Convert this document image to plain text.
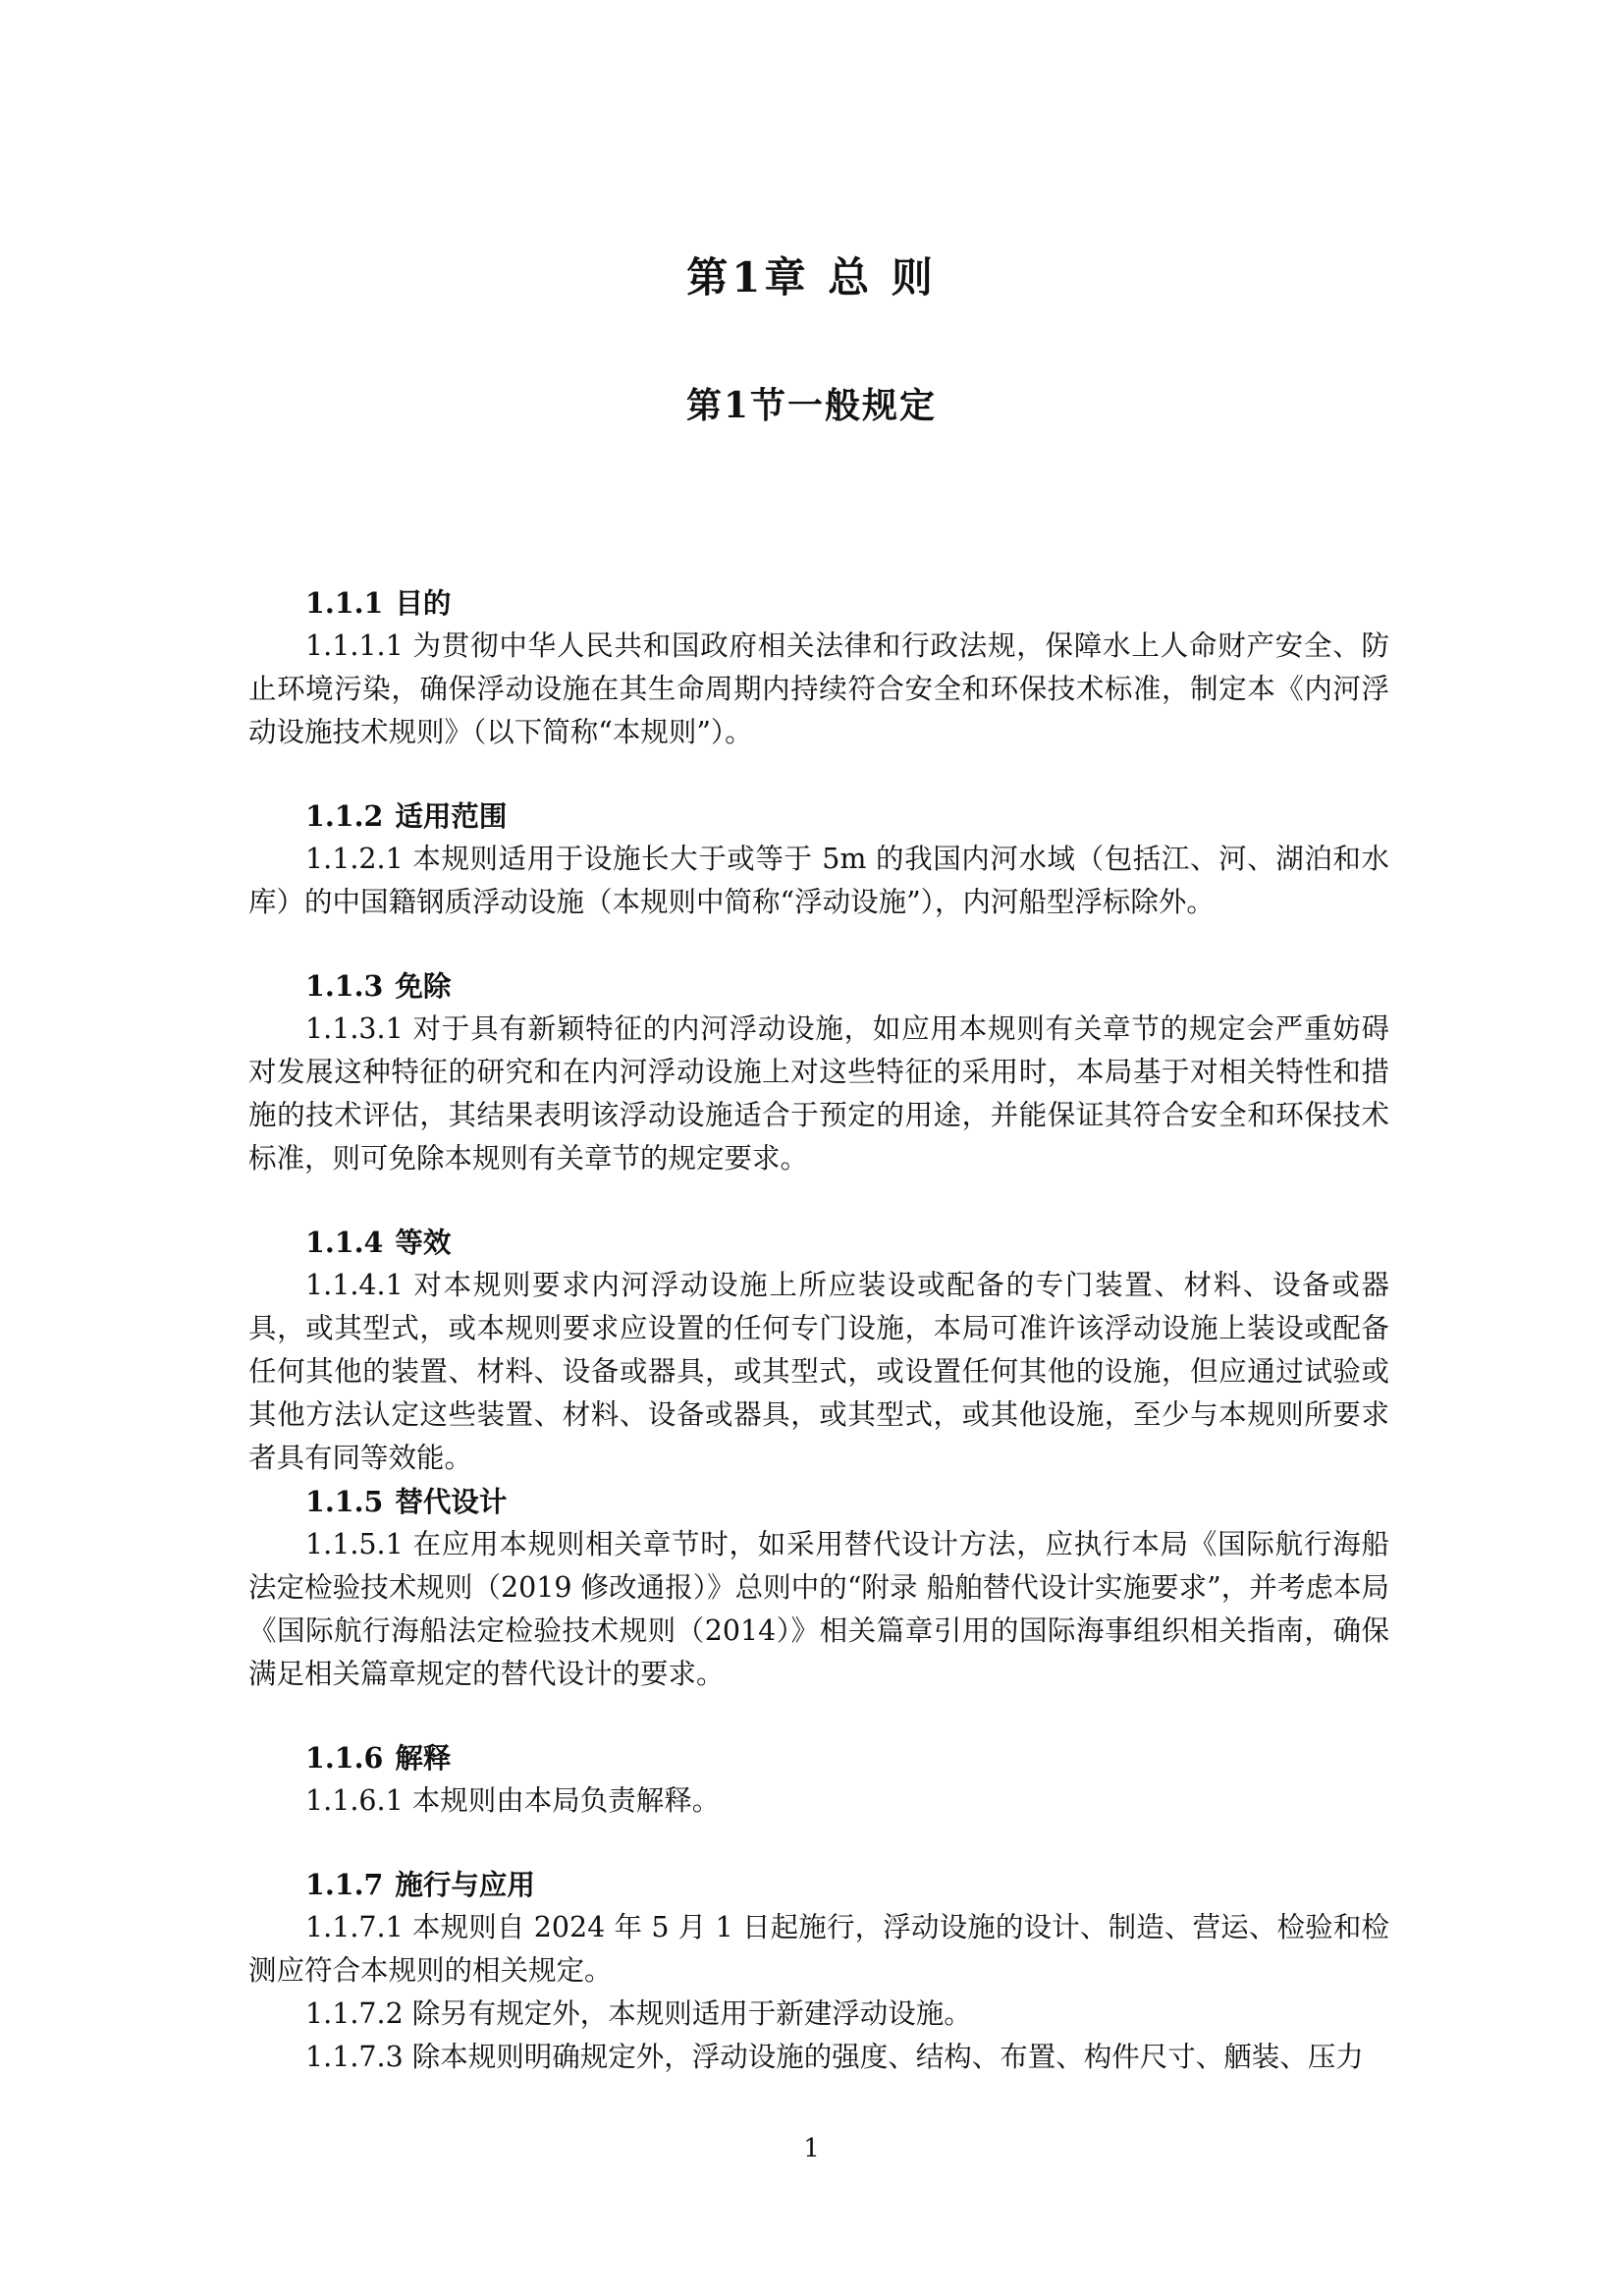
第1章 总 则
第1节一般规定

1.1.1 目的

1.1.1.1 为贯彻中华人民共和国政府相关法律和行政法规，保障水上人命财产安全、防止环境污染，确保浮动设施在其生命周期内持续符合安全和环保技术标准，制定本《内河浮动设施技术规则》（以下简称“本规则”）。

1.1.2 适用范围

1.1.2.1 本规则适用于设施长大于或等于 5m 的我国内河水域（包括江、河、湖泊和水库）的中国籍钢质浮动设施（本规则中简称“浮动设施”），内河船型浮标除外。

1.1.3 免除

1.1.3.1 对于具有新颖特征的内河浮动设施，如应用本规则有关章节的规定会严重妨碍对发展这种特征的研究和在内河浮动设施上对这些特征的采用时，本局基于对相关特性和措施的技术评估，其结果表明该浮动设施适合于预定的用途，并能保证其符合安全和环保技术标准，则可免除本规则有关章节的规定要求。

1.1.4 等效

1.1.4.1 对本规则要求内河浮动设施上所应装设或配备的专门装置、材料、设备或器具，或其型式，或本规则要求应设置的任何专门设施，本局可准许该浮动设施上装设或配备任何其他的装置、材料、设备或器具，或其型式，或设置任何其他的设施，但应通过试验或其他方法认定这些装置、材料、设备或器具，或其型式，或其他设施，至少与本规则所要求者具有同等效能。

1.1.5 替代设计

1.1.5.1 在应用本规则相关章节时，如采用替代设计方法，应执行本局《国际航行海船法定检验技术规则（2019 修改通报）》总则中的“附录 船舶替代设计实施要求”，并考虑本局《国际航行海船法定检验技术规则（2014）》相关篇章引用的国际海事组织相关指南，确保满足相关篇章规定的替代设计的要求。

1.1.6 解释

1.1.6.1 本规则由本局负责解释。

1.1.7 施行与应用

1.1.7.1 本规则自 2024 年 5 月 1 日起施行，浮动设施的设计、制造、营运、检验和检测应符合本规则的相关规定。

1.1.7.2 除另有规定外，本规则适用于新建浮动设施。

1.1.7.3 除本规则明确规定外，浮动设施的强度、结构、布置、构件尺寸、舾装、压力

1
